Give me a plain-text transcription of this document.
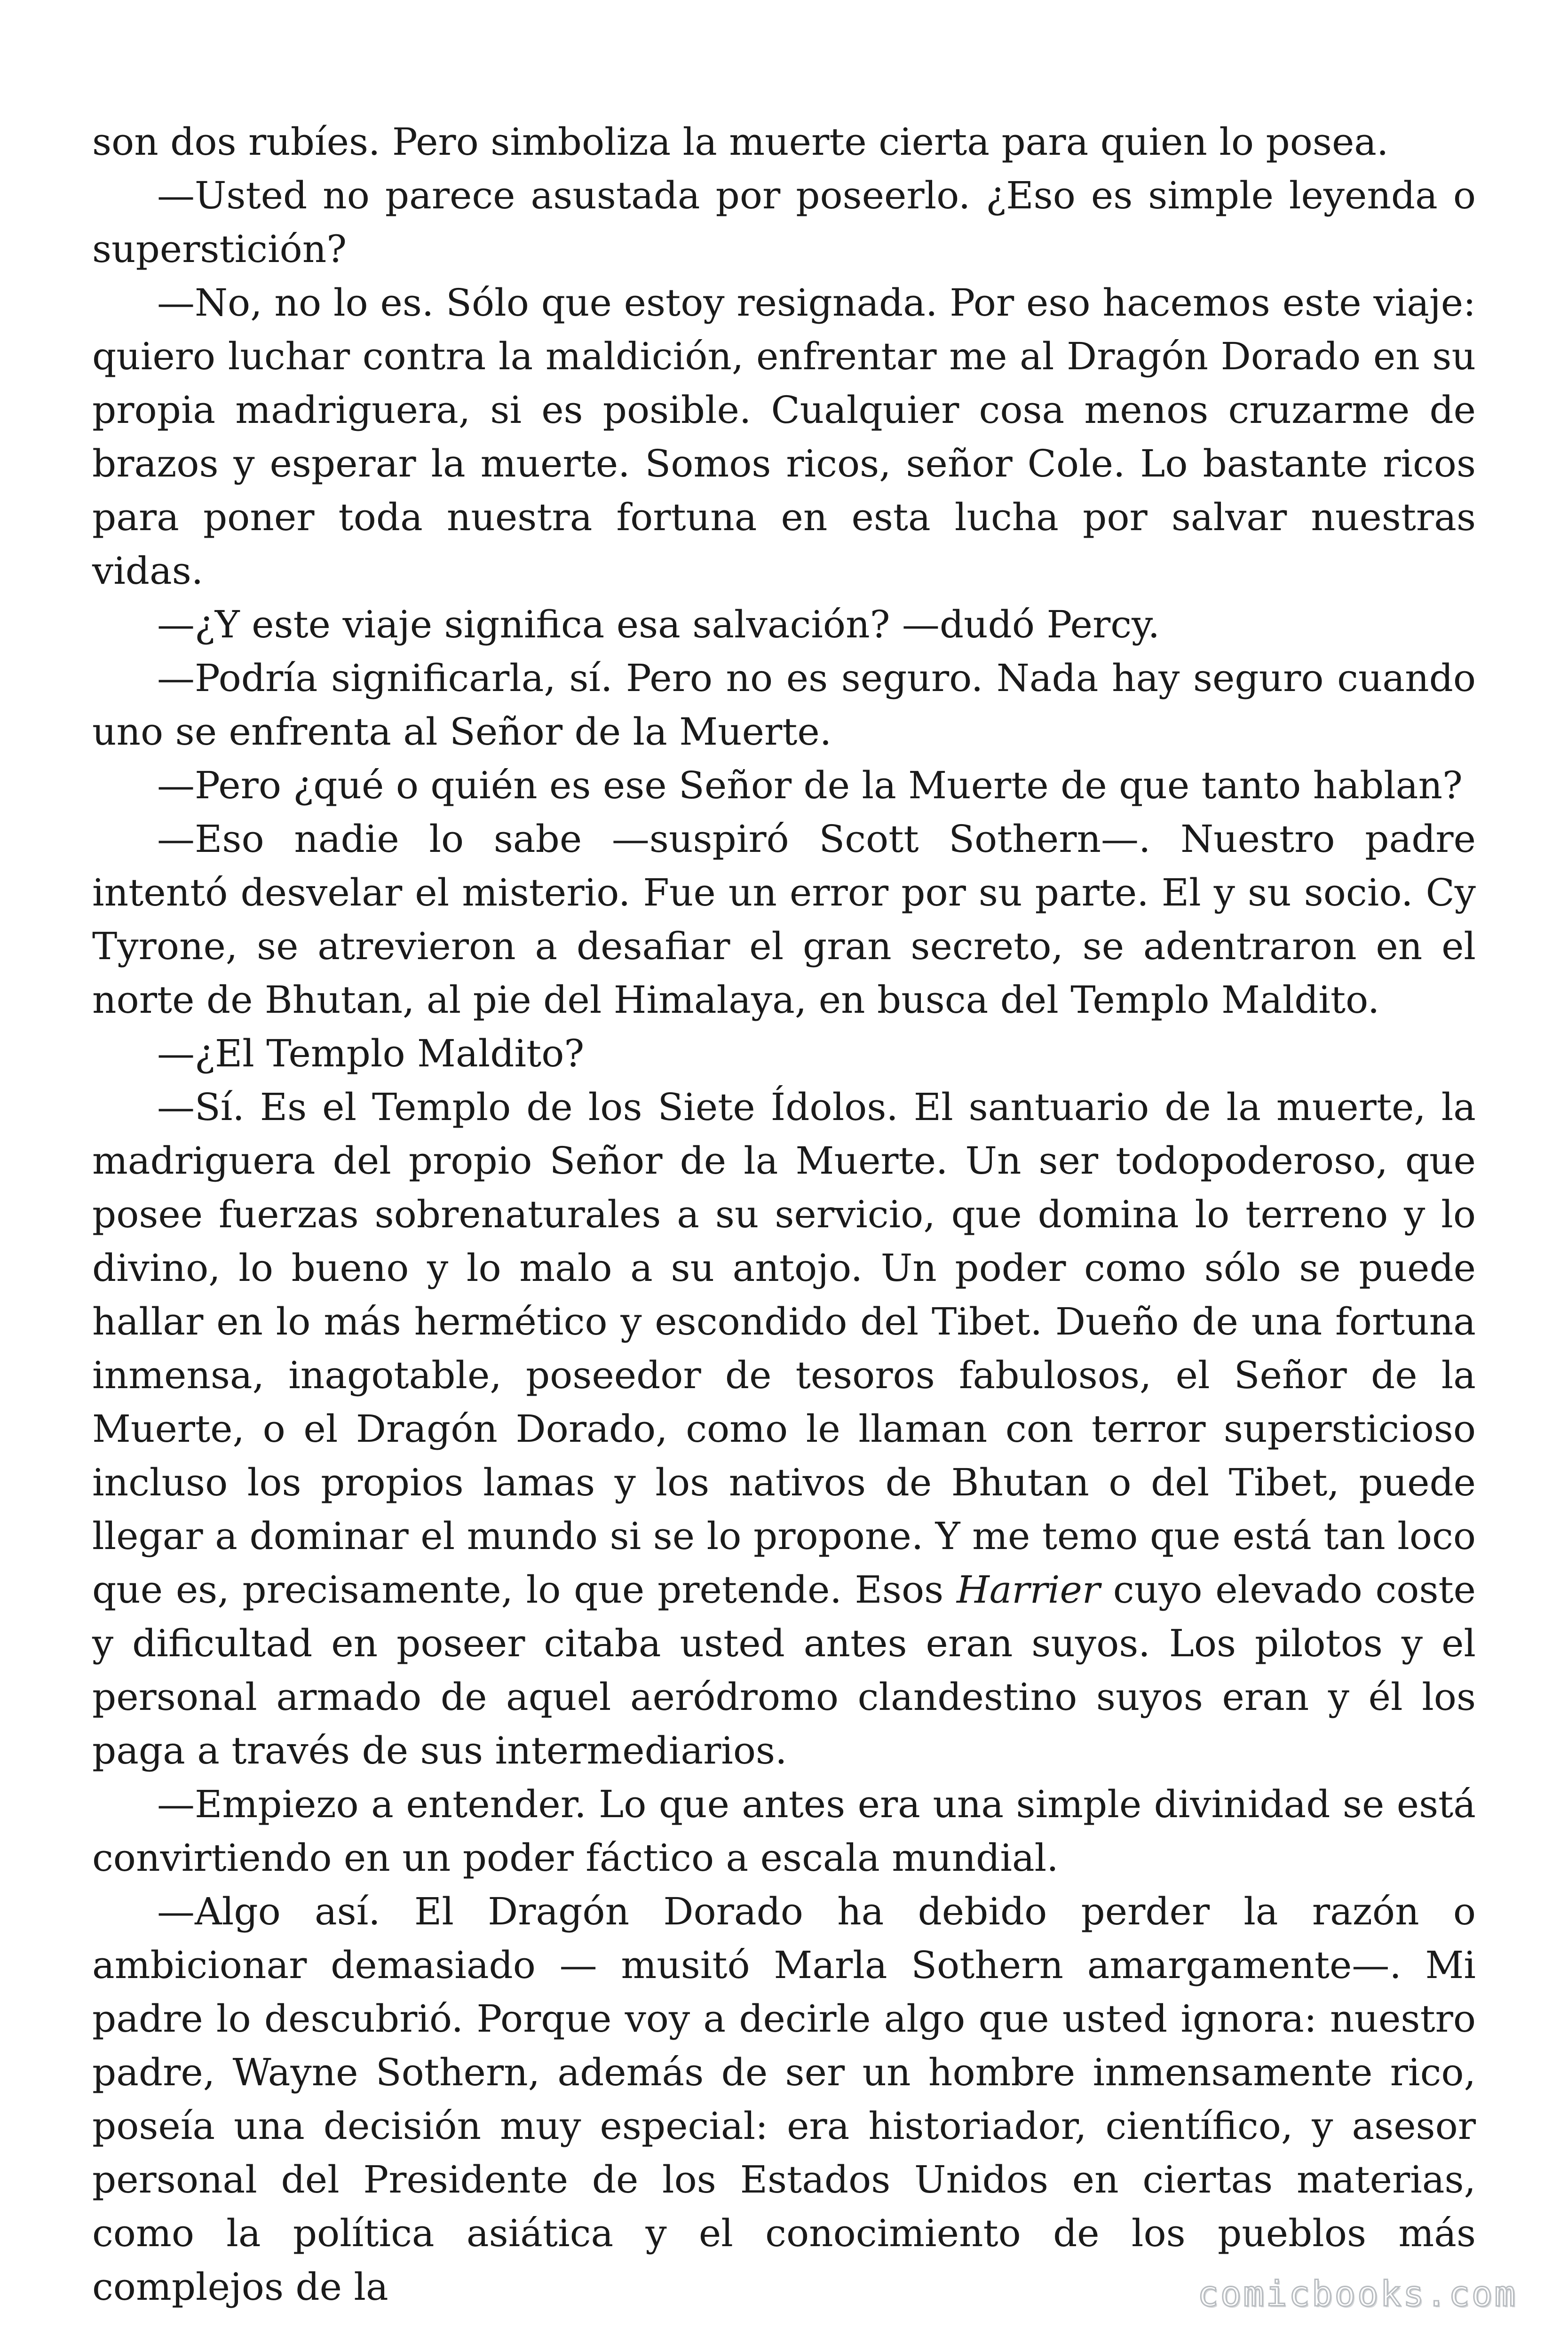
son dos rubíes. Pero simboliza la muerte cierta para quien lo posea.

—Usted no parece asustada por poseerlo. ¿Eso es simple leyenda o superstición?

—No, no lo es. Sólo que estoy resignada. Por eso hacemos este viaje: quiero luchar contra la maldición, enfrentar me al Dragón Dorado en su propia madriguera, si es posible. Cualquier cosa menos cruzarme de brazos y esperar la muerte. Somos ricos, señor Cole. Lo bastante ricos para poner toda nuestra fortuna en esta lucha por salvar nuestras vidas.

—¿Y este viaje significa esa salvación? —dudó Percy.

—Podría significarla, sí. Pero no es seguro. Nada hay seguro cuando uno se enfrenta al Señor de la Muerte.

—Pero ¿qué o quién es ese Señor de la Muerte de que tanto hablan?

—Eso nadie lo sabe —suspiró Scott Sothern—. Nuestro padre intentó desvelar el misterio. Fue un error por su parte. El y su socio. Cy Tyrone, se atrevieron a desafiar el gran secreto, se adentraron en el norte de Bhutan, al pie del Himalaya, en busca del Templo Maldito.

—¿El Templo Maldito?

—Sí. Es el Templo de los Siete Ídolos. El santuario de la muerte, la madriguera del propio Señor de la Muerte. Un ser todopoderoso, que posee fuerzas sobrenaturales a su servicio, que domina lo terreno y lo divino, lo bueno y lo malo a su antojo. Un poder como sólo se puede hallar en lo más hermético y escondido del Tibet. Dueño de una fortuna inmensa, inagotable, poseedor de tesoros fabulosos, el Señor de la Muerte, o el Dragón Dorado, como le llaman con terror supersticioso incluso los propios lamas y los nativos de Bhutan o del Tibet, puede llegar a dominar el mundo si se lo propone. Y me temo que está tan loco que es, precisamente, lo que pretende. Esos Harrier cuyo elevado coste y dificultad en poseer citaba usted antes eran suyos. Los pilotos y el personal armado de aquel aeródromo clandestino suyos eran y él los paga a través de sus intermediarios.

—Empiezo a entender. Lo que antes era una simple divinidad se está convirtiendo en un poder fáctico a escala mundial.

—Algo así. El Dragón Dorado ha debido perder la razón o ambicionar demasiado — musitó Marla Sothern amargamente—. Mi padre lo descubrió. Porque voy a decirle algo que usted ignora: nuestro padre, Wayne Sothern, además de ser un hombre inmensamente rico, poseía una decisión muy especial: era historiador, científico, y asesor personal del Presidente de los Estados Unidos en ciertas materias, como la política asiática y el conocimiento de los pueblos más complejos de la	comicbooks.com
